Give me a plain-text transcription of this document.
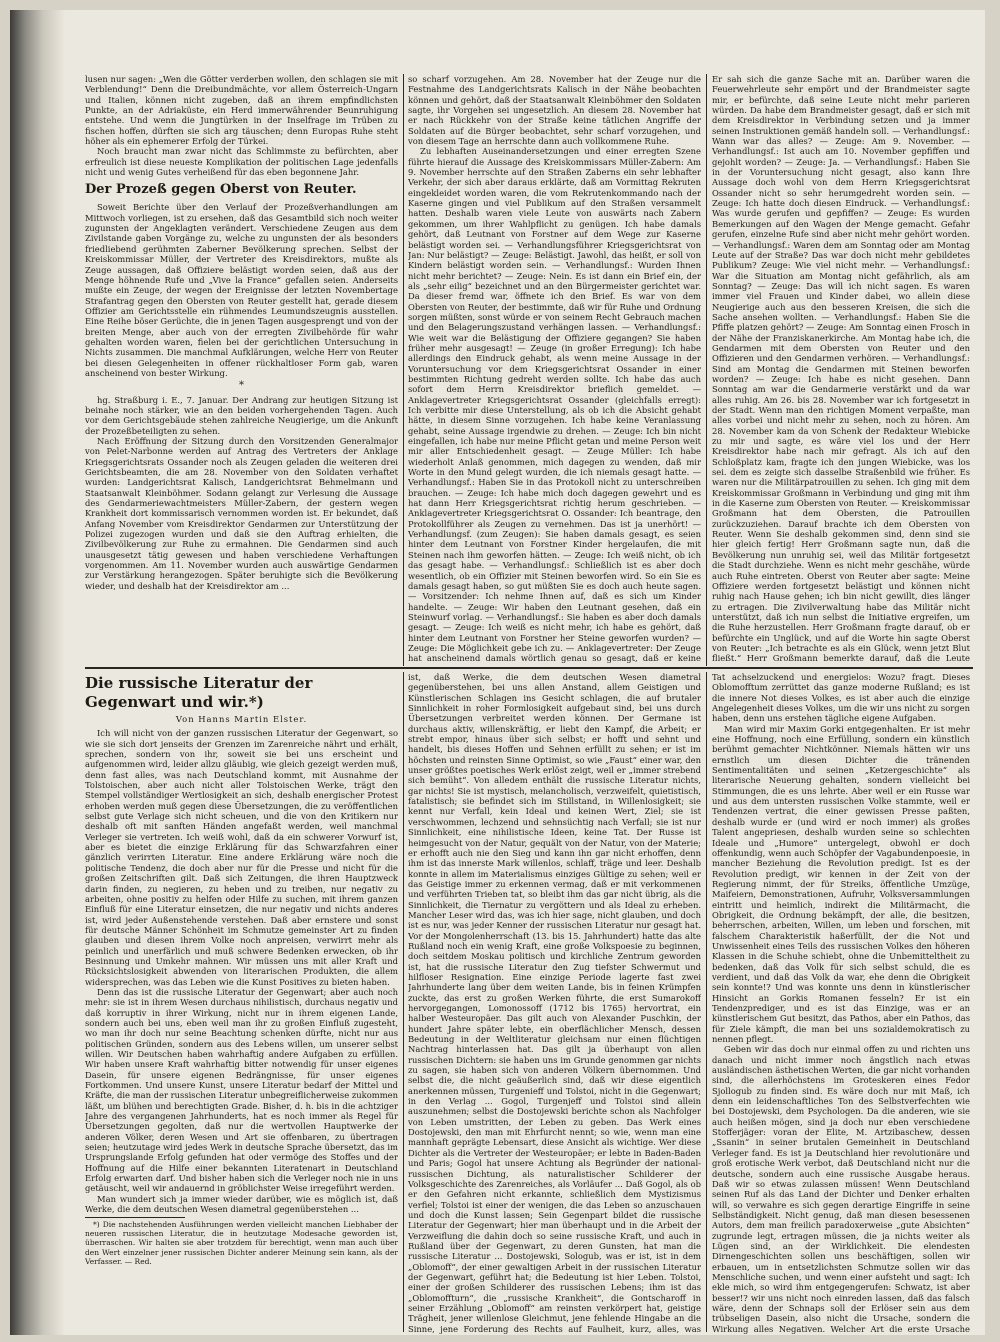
lusen nur sagen: „Wen die Götter verderben wollen, den schlagen sie mit Verblendung!“ Denn die Dreibundmächte, vor allem Österreich-Ungarn und Italien, können nicht zugeben, daß an ihrem empfindlichsten Punkte, an der Adriaküste, ein Herd immerwährender Beunruhigung entstehe. Und wenn die Jungtürken in der Inselfrage im Trüben zu fischen hoffen, dürften sie sich arg täuschen; denn Europas Ruhe steht höher als ein ephemerer Erfolg der Türkei.

Noch braucht man zwar nicht das Schlimmste zu befürchten, aber erfreulich ist diese neueste Komplikation der politischen Lage jedenfalls nicht und wenig Gutes verheißend für das eben begonnene Jahr.

Der Prozeß gegen Oberst von Reuter.

Soweit Berichte über den Verlauf der Prozeßverhandlungen am Mittwoch vorliegen, ist zu ersehen, daß das Gesamtbild sich noch weiter zugunsten der Angeklagten verändert. Verschiedene Zeugen aus dem Zivilstande gaben Vorgänge zu, welche zu ungunsten der als besonders friedliebend gerühmten Zaberner Bevölkerung sprechen. Selbst der Kreiskommissar Müller, der Vertreter des Kreisdirektors, mußte als Zeuge aussagen, daß Offiziere belästigt worden seien, daß aus der Menge höhnende Rufe und „Vive la France“ gefallen seien. Anderseits mußte ein Zeuge, der wegen der Ereignisse der letzten Novembertage Strafantrag gegen den Obersten von Reuter gestellt hat, gerade diesem Offizier am Gerichtsstelle ein rühmendes Leumundszeugnis ausstellen. Eine Reihe böser Gerüchte, die in jenen Tagen ausgesprengt und von der breiten Menge, aber auch von der erregten Zivilbehörde für wahr gehalten worden waren, fielen bei der gerichtlichen Untersuchung in Nichts zusammen. Die manchmal Aufklärungen, welche Herr von Reuter bei diesen Gelegenheiten in offener rückhaltloser Form gab, waren anscheinend von bester Wirkung.

*

hg. Straßburg i. E., 7. Januar. Der Andrang zur heutigen Sitzung ist beinahe noch stärker, wie an den beiden vorhergehenden Tagen. Auch vor dem Gerichtsgebäude stehen zahlreiche Neugierige, um die Ankunft der Prozeßbeteiligten zu sehen.

Nach Eröffnung der Sitzung durch den Vorsitzenden Generalmajor von Pelet-Narbonne werden auf Antrag des Vertreters der Anklage Kriegsgerichtsrats Ossander noch als Zeugen geladen die weiteren drei Gerichtsbeamten, die am 28. November von den Soldaten verhaftet wurden: Landgerichtsrat Kalisch, Landgerichtsrat Behmelmann und Staatsanwalt Kleinböhmer. Sodann gelangt zur Verlesung die Aussage des Gendarmeriewachtmeisters Müller-Zabern, der gestern wegen Krankheit dort kommissarisch vernommen worden ist. Er bekundet, daß Anfang November vom Kreisdirektor Gendarmen zur Unterstützung der Polizei zugezogen wurden und daß sie den Auftrag erhielten, die Zivilbevölkerung zur Ruhe zu ermahnen. Die Gendarmen sind auch unausgesetzt tätig gewesen und haben verschiedene Verhaftungen vorgenommen. Am 11. November wurden auch auswärtige Gendarmen zur Verstärkung herangezogen. Später beruhigte sich die Bevölkerung wieder, und deshalb hat der Kreisdirektor am ...

so scharf vorzugehen. Am 28. November hat der Zeuge nur die Festnahme des Landgerichtsrats Kalisch in der Nähe beobachten können und gehört, daß der Staatsanwalt Kleinböhmer den Soldaten sagte, ihr Vorgehen sei ungesetzlich. An diesem 28. November hat er nach Rückkehr von der Straße keine tätlichen Angriffe der Soldaten auf die Bürger beobachtet, sehr scharf vorzugehen, und von diesem Tage an herrschte dann auch vollkommene Ruhe.

Zu lebhaften Auseinandersetzungen und einer erregten Szene führte hierauf die Aussage des Kreiskommissars Müller-Zabern: Am 9. November herrschte auf den Straßen Zaberns ein sehr lebhafter Verkehr, der sich aber daraus erklärte, daß am Vormittag Rekruten eingekleidet worden waren, die vom Rekrutenkommando nach der Kaserne gingen und viel Publikum auf den Straßen versammelt hatten. Deshalb waren viele Leute von auswärts nach Zabern gekommen, um ihrer Wahlpflicht zu genügen. Ich habe damals gehört, daß Leutnant von Forstner auf dem Wege zur Kaserne belästigt worden sei. — Verhandlungsführer Kriegsgerichtsrat von Jan: Nur belästigt? — Zeuge: Belästigt. Jawohl, das heißt, er soll von Kindern belästigt worden sein. — Verhandlungsf.: Wurden Ihnen nicht mehr berichtet? — Zeuge: Nein. Es ist dann ein Brief ein, der als „sehr eilig“ bezeichnet und an den Bürgermeister gerichtet war. Da dieser fremd war, öffnete ich den Brief. Es war von dem Obersten von Reuter, der bestimmte, daß wir für Ruhe und Ordnung sorgen müßten, sonst würde er von seinem Recht Gebrauch machen und den Belagerungszustand verhängen lassen. — Verhandlungsf.: Wie weit war die Belästigung der Offiziere gegangen? Sie haben früher mehr ausgesagt! — Zeuge (in großer Erregung): Ich habe allerdings den Eindruck gehabt, als wenn meine Aussage in der Voruntersuchung vor dem Kriegsgerichtsrat Ossander in einer bestimmten Richtung gedreht werden sollte. Ich habe das auch sofort dem Herrn Kreisdirektor brieflich gemeldet. — Anklagevertreter Kriegsgerichtsrat Ossander (gleichfalls erregt): Ich verbitte mir diese Unterstellung, als ob ich die Absicht gehabt hätte, in diesem Sinne vorzugehen. Ich habe keine Veranlassung gehabt, seine Aussage irgendwie zu drehen. — Zeuge: Ich bin nicht eingefallen, ich habe nur meine Pflicht getan und meine Person weit mir aller Entschiedenheit gesagt. — Zeuge Müller: Ich habe wiederholt Anlaß genommen, mich dagegen zu wenden, daß mir Worte in den Mund gelegt wurden, die ich niemals gesagt hatte. — Verhandlungsf.: Haben Sie in das Protokoll nicht zu unterschreiben brauchen. — Zeuge: Ich habe mich doch dagegen gewehrt und es hat dann Herr Kriegsgerichtsrat richtig herum geschrieben. — Anklagevertreter Kriegsgerichtsrat O. Ossander: Ich beantrage, den Protokollführer als Zeugen zu vernehmen. Das ist ja unerhört! — Verhandlungsf. (zum Zeugen): Sie haben damals gesagt, es seien hinter dem Leutnant von Forstner Kinder hergelaufen, die mit Steinen nach ihm geworfen hätten. — Zeuge: Ich weiß nicht, ob ich das gesagt habe. — Verhandlungsf.: Schließlich ist es aber doch wesentlich, ob ein Offizier mit Steinen beworfen wird. So ein Sie es damals gesagt haben, so gut müßten Sie es doch auch heute sagen. — Vorsitzender: Ich nehme Ihnen auf, daß es sich um Kinder handelte. — Zeuge: Wir haben den Leutnant gesehen, daß ein Steinwurf vorlag. — Verhandlungsf.: Sie haben es aber doch damals gesagt. — Zeuge: Ich weiß es nicht mehr, ich habe es gehört, daß hinter dem Leutnant von Forstner her Steine geworfen wurden? — Zeuge: Die Möglichkeit gebe ich zu. — Anklagevertreter: Der Zeuge hat anscheinend damals wörtlich genau so gesagt, daß er keine

Er sah sich die ganze Sache mit an. Darüber waren die Feuerwehrleute sehr empört und der Brandmeister sagte mir, er befürchte, daß seine Leute nicht mehr parieren würden. Da habe dem Brandmeister gesagt, daß er sich mit dem Kreisdirektor in Verbindung setzen und ja immer seinen Instruktionen gemäß handeln soll. — Verhandlungsf.: Wann war das alles? — Zeuge: Am 9. November. — Verhandlungsf.: Ist auch am 10. November gepfiffen und gejohlt worden? — Zeuge: Ja. — Verhandlungsf.: Haben Sie in der Voruntersuchung nicht gesagt, also kann Ihre Aussage doch wohl von dem Herrn Kriegsgerichtsrat Ossander nicht so sehr herumgedreht worden sein. — Zeuge: Ich hatte doch diesen Eindruck. — Verhandlungsf.: Was wurde gerufen und gepfiffen? — Zeuge: Es wurden Bemerkungen auf den Wagen der Menge gemacht. Gefahr gerufen, einzelne Rufe sind aber nicht mehr gehört worden. — Verhandlungsf.: Waren dem am Sonntag oder am Montag Leute auf der Straße? Das war doch nicht mehr gebildetes Publikum? Zeuge: Wie viel nicht mehr. — Verhandlungsf.: War die Situation am Montag nicht gefährlich, als am Sonntag? — Zeuge: Das will ich nicht sagen. Es waren immer viel Frauen und Kinder dabei, wo allein diese Neugierige auch aus den besseren Kreisen, die sich die Sache ansehen wollten. — Verhandlungsf.: Haben Sie die Pfiffe platzen gehört? — Zeuge: Am Sonntag einen Frosch in der Nähe der Franziskanerkirche. Am Montag habe ich, die Gendarmen mit dem Obersten von Reuter und den Offizieren und den Gendarmen verhören. — Verhandlungsf.: Sind am Montag die Gendarmen mit Steinen beworfen worden? — Zeuge: Ich habe es nicht gesehen. Dann Sonntag am war die Gendarmerie verstärkt und da war alles ruhig. Am 26. bis 28. November war ich fortgesetzt in der Stadt. Wenn man den richtigen Moment verpaßte, man alles vorbei und nicht mehr zu sehen, noch zu hören. Am 28. November kam da von Schenk der Redakteur Wiebicke zu mir und sagte, es wäre viel los und der Herr Kreisdirektor habe nach mir gefragt. Als ich auf den Schloßplatz kam, fragte ich den jungen Wiebicke, was los sei. dem es zeigte sich dasselbe Straßenbild wie früher. Es waren nur die Militärpatrouillen zu sehen. Ich ging mit dem Kreiskommissar Großmann in Verbindung und ging mit ihm in die Kaserne zum Obersten von Reuter. — Kreiskommissar Großmann hat dem Obersten, die Patrouillen zurückzuziehen. Darauf brachte ich dem Obersten von Reuter. Wenn Sie deshalb gekommen sind, denn sind sie hier gleich fertig! Herr Großmann sagte nun, daß die Bevölkerung nun unruhig sei, weil das Militär fortgesetzt die Stadt durchziehe. Wenn es nicht mehr geschähe, würde auch Ruhe eintreten. Oberst von Reuter aber sagte: Meine Offiziere werden fortgesetzt belästigt und können nicht ruhig nach Hause gehen; ich bin nicht gewillt, dies länger zu ertragen. Die Zivilverwaltung habe das Militär nicht unterstützt, daß ich nun selbst die Initiative ergreifen, um die Ruhe herzustellen. Herr Großmann fragte darauf, ob er befürchte ein Unglück, und auf die Worte hin sagte Oberst von Reuter: „Ich betrachte es als ein Glück, wenn jetzt Blut fließt.“ Herr Großmann bemerkte darauf, daß die Leute

Die russische Literatur der Gegenwart und wir.*)
Von Hanns Martin Elster.

Ich will nicht von der ganzen russischen Literatur der Gegenwart, so wie sie sich dort jenseits der Grenzen im Zarenreiche nährt und erhält, sprechen, sondern von ihr, soweit sie bei uns erscheint und aufgenommen wird, leider allzu gläubig, wie gleich gezeigt werden muß, denn fast alles, was nach Deutschland kommt, mit Ausnahme der Tolstoischen, aber auch nicht aller Tolstoischen Werke, trägt den Stempel vollständiger Wertlosigkeit an sich, deshalb energischer Protest erhoben werden muß gegen diese Übersetzungen, die zu veröffentlichen selbst gute Verlage sich nicht scheuen, und die von den Kritikern nur deshalb oft mit sanften Händen angefaßt werden, weil manchmal Verleger sie vertreten. Ich weiß wohl, daß da ein schwerer Vorwurf ist, aber es bietet die einzige Erklärung für das Schwarzfahren einer gänzlich verirrten Literatur. Eine andere Erklärung wäre noch die politische Tendenz, die doch aber nur für die Presse und nicht für die großen Zeitschriften gilt. Daß sich Zeitungen, die ihren Hauptzweck darin finden, zu negieren, zu heben und zu treiben, nur negativ zu arbeiten, ohne positiv zu helfen oder Hilfe zu suchen, mit ihrem ganzen Einfluß für eine Literatur einsetzen, die nur negativ und nichts anderes ist, wird jeder Außenstehende verstehen. Daß aber ernstere und sonst für deutsche Männer Schönheit im Schmutze gemeinster Art zu finden glauben und diesen ihrem Volke noch anpreisen, verwirrt mehr als peinlich und unerfärlich und muß schwere Bedenken erwecken, ob ihr Besinnung und Umkehr mahnen. Wir müssen uns mit aller Kraft und Rücksichtslosigkeit abwenden von literarischen Produkten, die allem widersprechen, was das Leben wie die Kunst Positives zu bieten haben.

Denn das ist die russische Literatur der Gegenwart; aber auch noch mehr: sie ist in ihrem Wesen durchaus nihilistisch, durchaus negativ und daß korruptiv in ihrer Wirkung, nicht nur in ihrem eigenen Lande, sondern auch bei uns, eben weil man ihr zu großen Einfluß zugesteht, wo man ihr doch nur seine Beachtung schenken dürfte, nicht nur aus politischen Gründen, sondern aus des Lebens willen, um unserer selbst willen. Wir Deutschen haben wahrhaftig andere Aufgaben zu erfüllen. Wir haben unsere Kraft wahrhaftig bitter notwendig für unser eigenes Dasein, für unsere eigenen Bedrängnisse, für unser eigenes Fortkommen. Und unsere Kunst, unsere Literatur bedarf der Mittel und Kräfte, die man der russischen Literatur unbegreiflicherweise zukommen läßt, um blühen und berechtigten Grade. Bisher, d. h. bis in die achtziger Jahre des vergangenen Jahrhunderts, hat es noch immer als Regel für Übersetzungen gegolten, daß nur die wertvollen Hauptwerke der anderen Völker, deren Wesen und Art sie offenbaren, zu übertragen seien; heutzutage wird jedes Werk in deutsche Sprache übersetzt, das im Ursprungslande Erfolg gefunden hat oder vermöge des Stoffes und der Hoffnung auf die Hilfe einer bekannten Literatenart in Deutschland Erfolg erwarten darf. Und bisher haben sich die Verleger noch nie in uns getäuscht, weil wir andauernd in gröblichster Weise irregeführt werden.

Man wundert sich ja immer wieder darüber, wie es möglich ist, daß Werke, die dem deutschen Wesen diametral gegenüberstehen ...

*) Die nachstehenden Ausführungen werden vielleicht manchen Liebhaber der neueren russischen Literatur, die in heutzutage Modesache geworden ist, überraschen. Wir halten sie aber trotzdem für berechtigt, wenn man auch über den Wert einzelner jener russischen Dichter anderer Meinung sein kann, als der Verfasser. — Red.

ist, daß Werke, die dem deutschen Wesen diametral gegenüberstehen, bei uns allen Anstand, allem Geistigen und Künstlerischen Schlagen ins Gesicht schlagen, die auf brutaler Sinnlichkeit in roher Formlosigkeit aufgebaut sind, bei uns durch Übersetzungen verbreitet werden können. Der Germane ist durchaus aktiv, willenskräftig, er liebt den Kampf, die Arbeit; er strebt empor, hinaus über sich selbst; er hofft und sehnt und handelt, bis dieses Hoffen und Sehnen erfüllt zu sehen; er ist im höchsten und reinsten Sinne Optimist, so wie „Faust“ einer war, den unser größtes poetisches Werk erlöst zeigt, weil er „immer strebend sich bemüht“. Von alledem enthält die russische Literatur nichts, gar nichts! Sie ist mystisch, melancholisch, verzweifelt, quietistisch, fatalistisch; sie befindet sich im Stillstand, in Willenlosigkeit; sie kennt nur Verfall, kein Ideal und keinen Wert, Ziel; sie ist verschwommen, lechzend und sehnsüchtig nach Verfall; sie ist nur Sinnlichkeit, eine nihilistische Ideen, keine Tat. Der Russe ist heimgesucht von der Natur, gequält von der Natur, von der Materie; er erhofft auch nie den Sieg und kann ihn gar nicht erhoffen, denn ihm ist das innerste Mark willenlos, schlaff, träge und leer. Deshalb konnte in allem im Materialismus einziges Gültige zu sehen; weil er das Geistige immer zu erkennen vermag, daß er mit verkommenen und verführten Trieben tat, so bleibt ihm das gar nicht übrig, als die Sinnlichkeit, die Tiernatur zu vergöttern und als Ideal zu erheben. Mancher Leser wird das, was ich hier sage, nicht glauben, und doch ist es nur, was jeder Kenner der russischen Literatur nur gesagt hat. Vor der Mongolenherrschaft (13. bis 15. Jahrhundert) hatte das alte Rußland noch ein wenig Kraft, eine große Volkspoesie zu beginnen, doch seitdem Moskau politisch und kirchliche Zentrum geworden ist, hat die russische Literatur den Zug tiefster Schwermut und hilfloser Resignation. Eine einzige Periode lagerte fast zwei Jahrhunderte lang über dem weiten Lande, bis in feinen Krümpfen zuckte, das erst zu großen Werken führte, die erst Sumarokoff hervorgegangen, Lomonossoff (1712 bis 1765) hervortrat, ein halber Westeuropäer. Das gilt auch von Alexander Puschkin, der hundert Jahre später lebte, ein oberflächlicher Mensch, dessen Bedeutung in der Weltliteratur gleichsam nur einen flüchtigen Nachtrag hinterlassen hat. Das gilt ja überhaupt von allen russischen Dichtern: sie haben uns im Grunde genommen gar nichts zu sagen, sie haben sich von anderen Völkern übernommen. Und selbst die, die nicht geäußerlich sind, daß wir diese eigentlich anerkennen müssen, Turgenieff und Tolstoi, nicht in die Gegenwart; in den Verlag ... Gogol, Turgenjeff und Tolstoi sind allein auszunehmen; selbst die Dostojewski berichte schon als Nachfolger von Leben umstritten, der Leben zu geben. Das Werk eines Dostojewski, den man mit Ehrfurcht nennt; so wie, wenn man eine mannhaft geprägte Lebensart, diese Ansicht als wichtige. Wer diese Dichter als die Vertreter der Westeuropäer; er lebte in Baden-Baden und Paris; Gogol hat unsere Achtung als Begründer der national-russischen Dichtung, als naturalistischer Schilderer der Volksgeschichte des Zarenreiches, als Vorläufer ... Daß Gogol, als ob er den Gefahren nicht erkannte, schließlich dem Mystizismus verfiel; Tolstoi ist einer der wenigen, die das Leben so anzuschauen und doch die Kunst lassen; Sein Gegenpart bildet die russische Literatur der Gegenwart; hier man überhaupt und in die Arbeit der Verzweiflung die dahin doch so seine russische Kraft, und auch in Rußland über der Gegenwart, zu deren Gunsten, hat man die russische Literatur ... Dostojewski, Sologub, was er ist, ist in dem „Oblomoff“, der einer gewaltigen Arbeit in der russischen Literatur der Gegenwart, geführt hat; die Bedeutung ist hier Leben. Tolstoi, einer der großen Schilderer des russischen Lebens; ihm ist das „Oblomoffturn“, die „russische Krankheit“, die Gontscharoff in seiner Erzählung „Oblomoff“ am reinsten verkörpert hat, geistige Trägheit, jener willenlose Gleichmut, jene fehlende Hingabe an die Sinne, jene Forderung des Rechts auf Faulheit, kurz, alles, was

Tat achselzuckend und energielos: Wozu? fragt. Dieses Oblomofftum zerrüttet das ganze moderne Rußland; es ist die innere Not dieses Volkes, es ist aber auch die einzige Angelegenheit dieses Volkes, um die wir uns nicht zu sorgen haben, denn uns erstehen tägliche eigene Aufgaben.

Man wird mir Maxim Gorki entgegenhalten. Er ist mehr eine Hoffnung, noch eine Erfüllung, sondern ein künstlich berühmt gemachter Nichtkönner. Niemals hätten wir uns ernstlich um diesen Dichter die tränenden Sentimentalitäten und seinen „Ketzergeschichte“ als literarische Neuerung gehalten, sondern vielleicht bei Stimmungen, die es uns lehrte. Aber weil er ein Russe war und aus dem untersten russischen Volke stammte, weil er Tendenzen vertrat, die einer gewissen Presse paßten, deshalb wurde er (und wird er noch immer) als großes Talent angepriesen, deshalb wurden seine so schlechten Ideale und „Humore“ untergelegt, obwohl er doch offenkundig, wenn auch Schöpfer der Vagabundenpoesie, in mancher Beziehung die Revolution predigt. Ist es der Revolution predigt, wir kennen in der Zeit von der Regierung nimmt, der für Streiks, öffentliche Umzüge, Maifeiern, Demonstrationen, Aufruhr, Volksversammlungen eintritt und heimlich, indirekt die Militärmacht, die Obrigkeit, die Ordnung bekämpft, der alle, die besitzen, beherrschen, arbeiten, Willen, um leben und forschen, mit falschem Charakteristik haßerfüllt, der die Not und Unwissenheit eines Teils des russischen Volkes den höheren Klassen in die Schuhe schiebt, ohne die Unbemitteltheit zu bedenken, daß das Volk für sich selbst schuld, die es verdient, und daß das Volk da war, ehe denn die Obrigkeit sein konnte!? Und was konnte uns denn in künstlerischer Hinsicht an Gorkis Romanen fesseln? Er ist ein Tendenzprediger, und es ist das Einzige, was er an künstlerischem Gut besitzt, das Pathos, aber ein Pathos, das für Ziele kämpft, die man bei uns sozialdemokratisch zu nennen pflegt.

Geben wir das doch nur einmal offen zu und richten uns danach und nicht immer noch ängstlich nach etwas ausländischen ästhetischen Werten, die gar nicht vorhanden sind, die allerhöchstens im Groteskeren eines Fedor Sjollogub zu finden sind. Es wäre doch nur mit Maß, ich denn ein leidenschaftliches Ton des Selbstverfechten wie bei Dostojewski, dem Psychologen. Da die anderen, wie sie auch heißen mögen, sind ja doch nur eben verschiedene Stofferjäger: voran der Elite, M. Artzibaschew, dessen „Ssanin“ in seiner brutalen Gemeinheit in Deutschland Verleger fand. Es ist ja Deutschland hier revolutionäre und groß erotische Werk verbot, daß Deutschland nicht nur die deutsche, sondern auch eine russische Ausgabe heraus. Daß wir so etwas zulassen müssen! Wenn Deutschland seinen Ruf als das Land der Dichter und Denker erhalten will, so verwahre es sich gegen derartige Eingriffe in seine Selbständigkeit. Nicht genug, daß man diesen besessenen Autors, dem man freilich paradoxerweise „gute Absichten“ zugrunde legt, ertragen müssen, die ja nichts weiter als Lügen sind, an der Wirklichkeit. Die elendesten Dirnengeschichten sollen uns beschäftigen, sollen wir erbauen, um in entsetzlichsten Schmutze sollen wir das Menschliche suchen, und wenn einer aufsteht und sagt: Ich ekle mich, so wird ihm entgegengerufen: Schwatz, ist aber besser!? wir uns nicht noch einreden lassen, daß das falsch wäre, denn der Schnaps soll der Erlöser sein aus dem trübseligen Dasein, also nicht die Ursache, sondern die Wirkung alles Negativen. Welcher Art die erste Ursache
